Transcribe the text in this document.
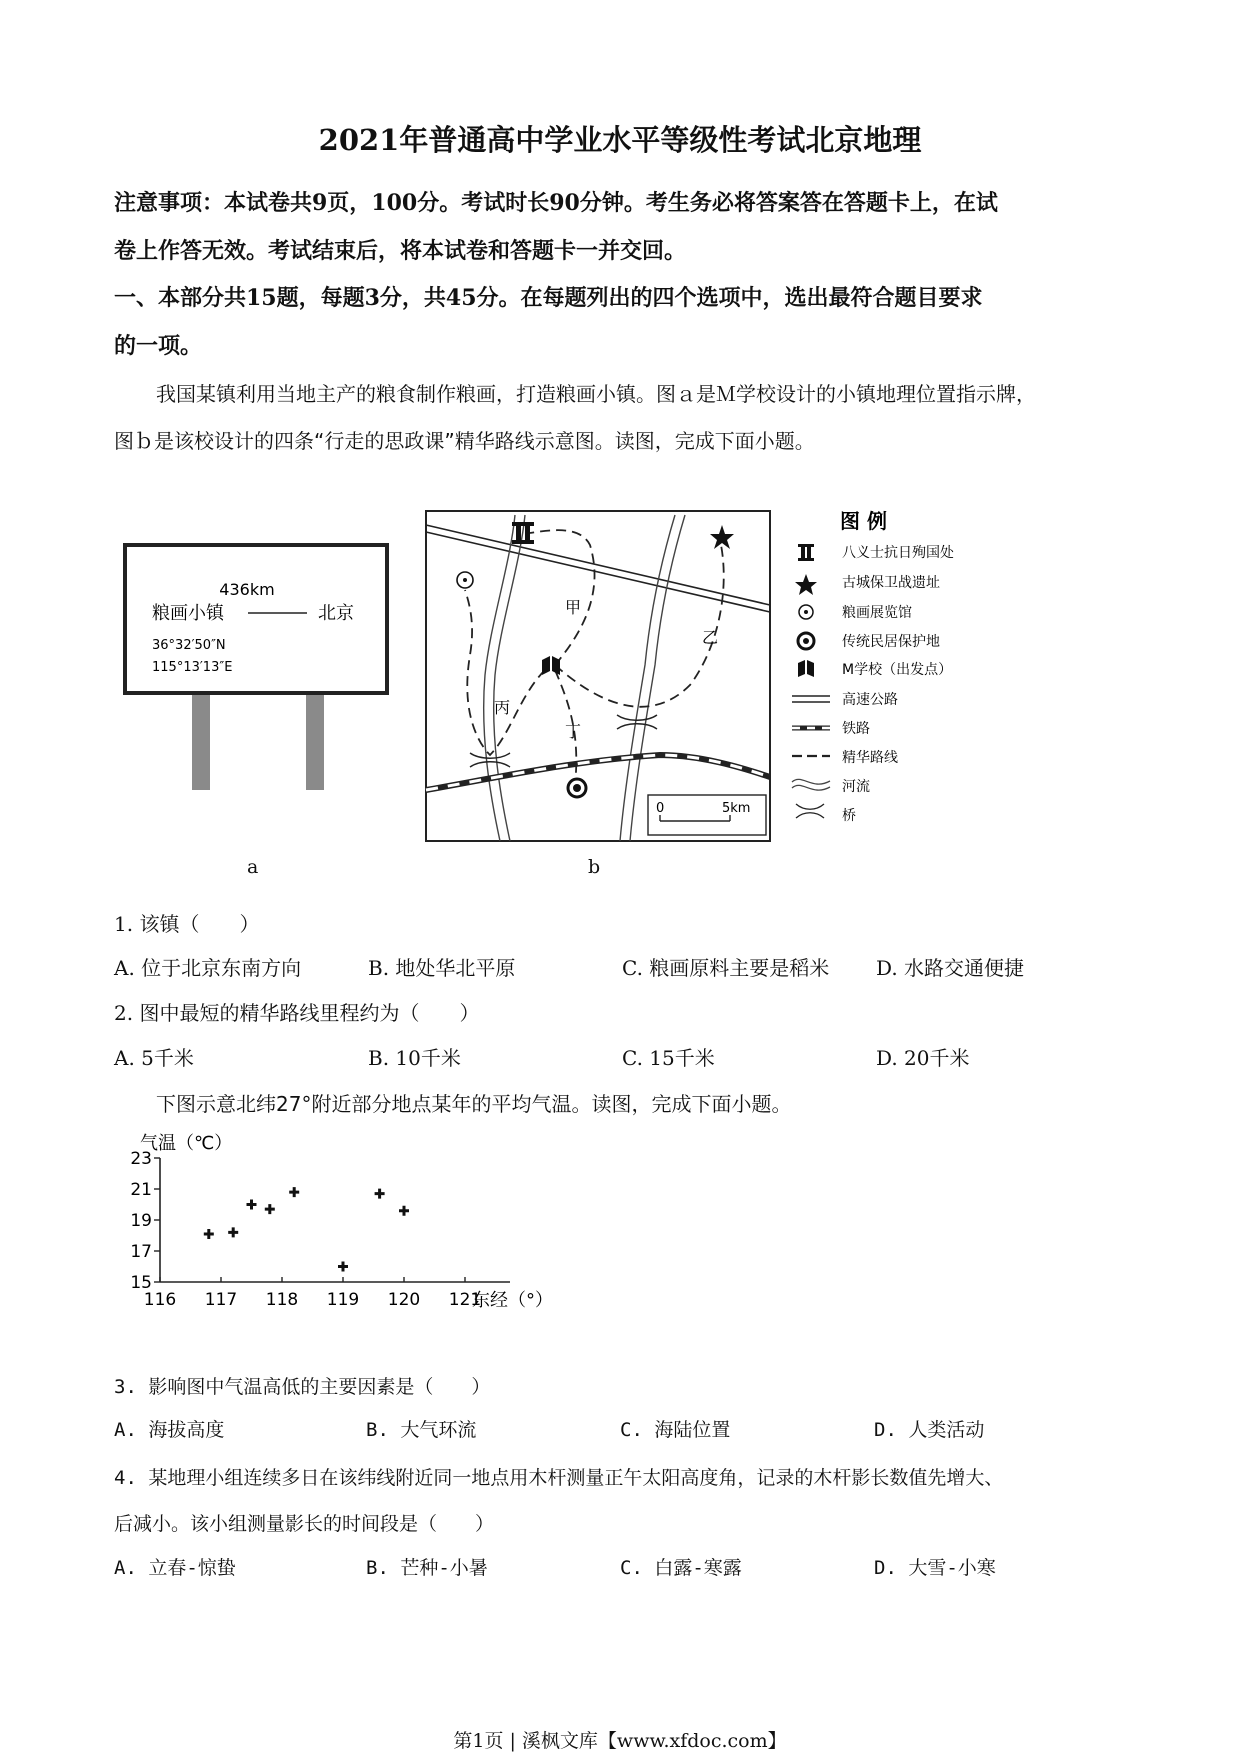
2021年普通高中学业水平等级性考试北京地理
注意事项：本试卷共9页，100分。考试时长90分钟。考生务必将答案答在答题卡上，在试
卷上作答无效。考试结束后，将本试卷和答题卡一并交回。
一、本部分共15题，每题3分，共45分。在每题列出的四个选项中，选出最符合题目要求
的一项。
我国某镇利用当地主产的粮食制作粮画，打造粮画小镇。图ａ是Ｍ学校设计的小镇地理位置指示牌，
图ｂ是该校设计的四条“行走的思政课”精华路线示意图。读图，完成下面小题。
436km
粮画小镇	北京
36°32′50″N
115°13′13″E
a
甲
乙
丙
丁
0	5km
b
图 例
八义士抗日殉国处
古城保卫战遗址
粮画展览馆
传统民居保护地
M学校（出发点）
高速公路
铁路
精华路线
河流
桥
1. 该镇（　　）
A. 位于北京东南方向	B. 地处华北平原	C. 粮画原料主要是稻米 D. 水路交通便捷
2. 图中最短的精华路线里程约为（　　）
A. 5千米	B. 10千米	C. 15千米	D. 20千米
下图示意北纬27°附近部分地点某年的平均气温。读图，完成下面小题。
气温（℃）
东经（°）
15
17
19
21
23
116 117 118 119 120 121
3. 影响图中气温高低的主要因素是（　　）
A. 海拔高度	B. 大气环流	C. 海陆位置	D. 人类活动
4. 某地理小组连续多日在该纬线附近同一地点用木杆测量正午太阳高度角，记录的木杆影长数值先增大、
后减小。该小组测量影长的时间段是（　　）
A. 立春-惊蛰	B. 芒种-小暑	C. 白露-寒露	D. 大雪-小寒
第1页 | 溪枫文库【www.xfdoc.com】
